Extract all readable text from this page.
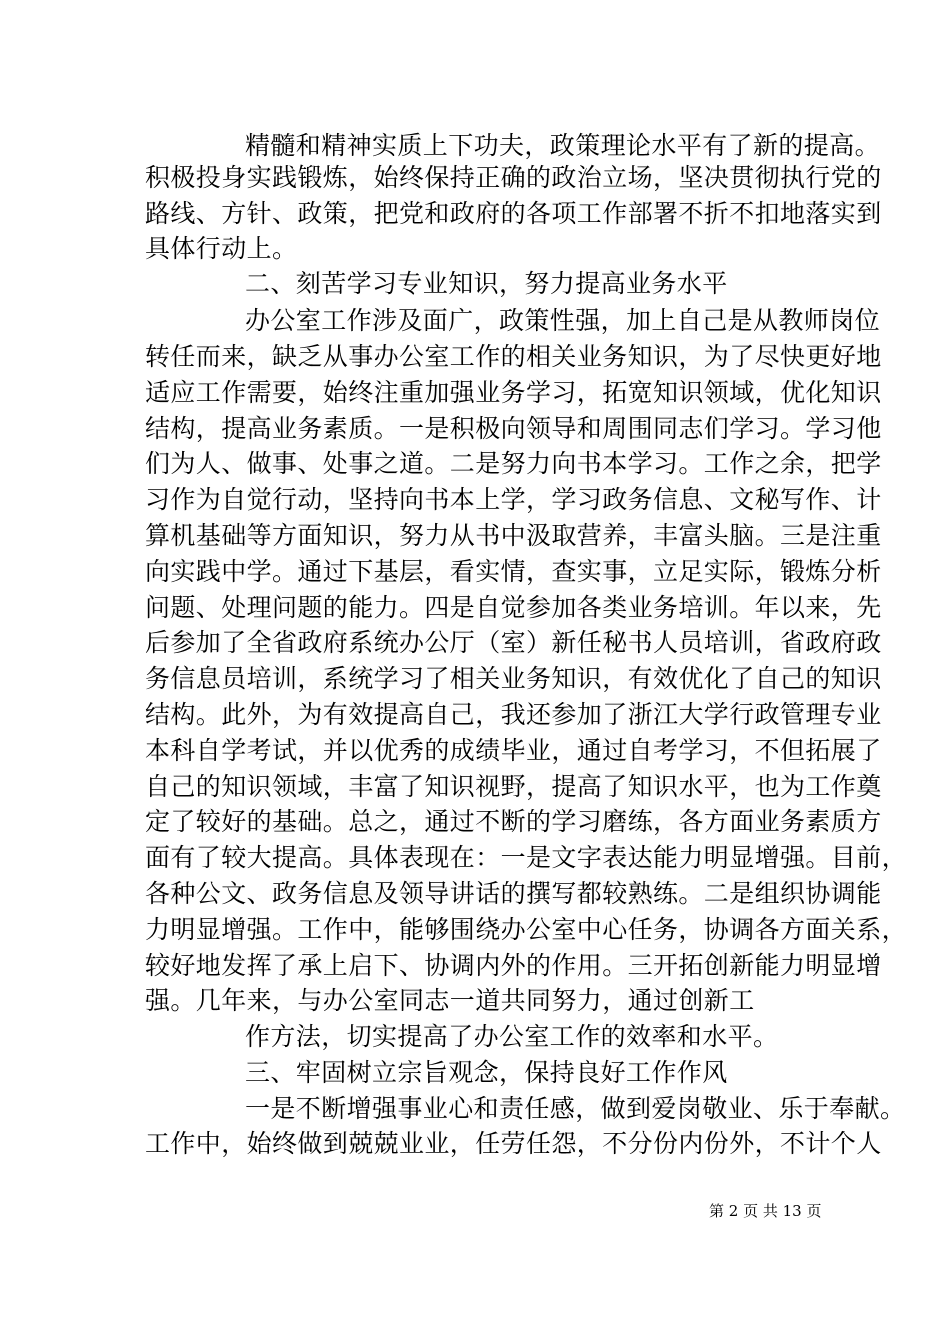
精髓和精神实质上下功夫，政策理论水平有了新的提高。
积极投身实践锻炼，始终保持正确的政治立场，坚决贯彻执行党的
路线、方针、政策，把党和政府的各项工作部署不折不扣地落实到
具体行动上。
二、刻苦学习专业知识，努力提高业务水平
办公室工作涉及面广，政策性强，加上自己是从教师岗位
转任而来，缺乏从事办公室工作的相关业务知识，为了尽快更好地
适应工作需要，始终注重加强业务学习，拓宽知识领域，优化知识
结构，提高业务素质。一是积极向领导和周围同志们学习。学习他
们为人、做事、处事之道。二是努力向书本学习。工作之余，把学
习作为自觉行动，坚持向书本上学，学习政务信息、文秘写作、计
算机基础等方面知识，努力从书中汲取营养，丰富头脑。三是注重
向实践中学。通过下基层，看实情，查实事，立足实际，锻炼分析
问题、处理问题的能力。四是自觉参加各类业务培训。年以来，先
后参加了全省政府系统办公厅（室）新任秘书人员培训，省政府政
务信息员培训，系统学习了相关业务知识，有效优化了自己的知识
结构。此外，为有效提高自己，我还参加了浙江大学行政管理专业
本科自学考试，并以优秀的成绩毕业，通过自考学习，不但拓展了
自己的知识领域，丰富了知识视野，提高了知识水平，也为工作奠
定了较好的基础。总之，通过不断的学习磨练，各方面业务素质方
面有了较大提高。具体表现在：一是文字表达能力明显增强。目前，
各种公文、政务信息及领导讲话的撰写都较熟练。二是组织协调能
力明显增强。工作中，能够围绕办公室中心任务，协调各方面关系，
较好地发挥了承上启下、协调内外的作用。三开拓创新能力明显增
强。几年来，与办公室同志一道共同努力，通过创新工
作方法，切实提高了办公室工作的效率和水平。
三、牢固树立宗旨观念，保持良好工作作风
一是不断增强事业心和责任感，做到爱岗敬业、乐于奉献。
工作中，始终做到兢兢业业，任劳任怨，不分份内份外，不计个人
第 2 页 共 13 页
